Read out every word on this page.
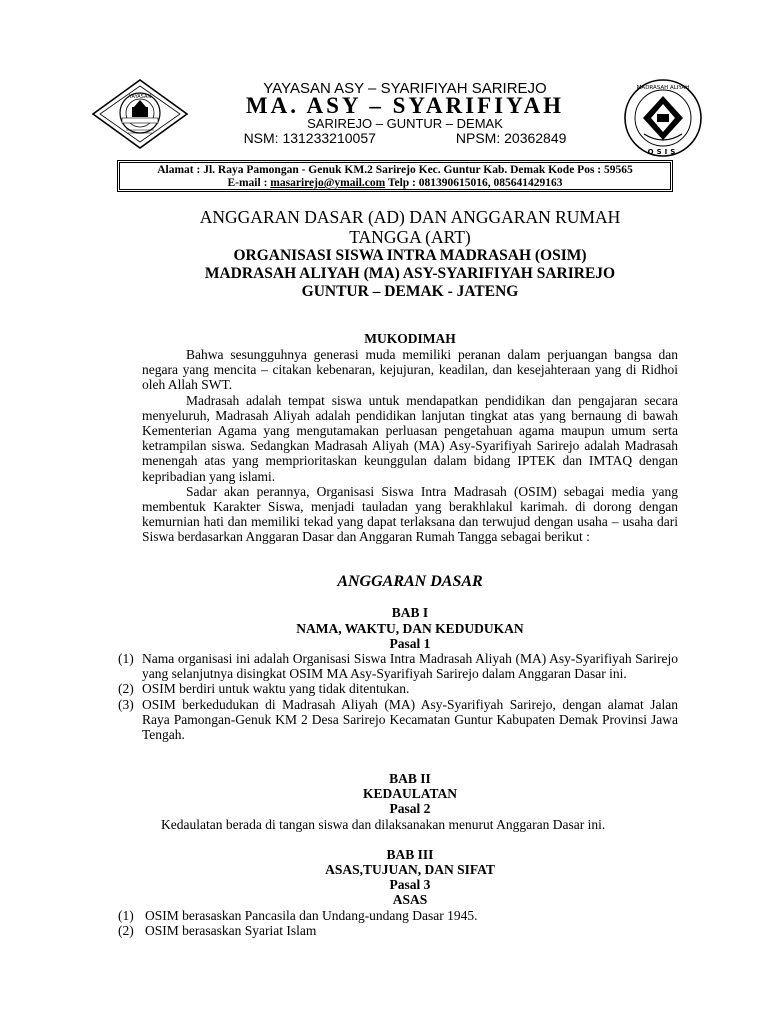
YAYASAN	YAYASAN ASY – SYARIFIYAH SARIREJO
MA. ASY – SYARIFIYAH
SARIREJO – GUNTUR – DEMAK
NSM: 131233210057	NPSM: 20362849
MADRASAH ALIYAH
OSIS
Alamat : Jl. Raya Pamongan - Genuk KM.2 Sarirejo Kec. Guntur Kab. Demak Kode Pos : 59565
E-mail : masarirejo@ymail.com Telp : 081390615016, 085641429163
ANGGARAN DASAR (AD) DAN ANGGARAN RUMAH
TANGGA (ART)
ORGANISASI SISWA INTRA MADRASAH (OSIM)
MADRASAH ALIYAH (MA) ASY-SYARIFIYAH SARIREJO
GUNTUR – DEMAK - JATENG
MUKODIMAH

Bahwa sesungguhnya generasi muda memiliki peranan dalam perjuangan bangsa dan negara yang mencita – citakan kebenaran, kejujuran, keadilan, dan kesejahteraan yang di Ridhoi oleh Allah SWT.

Madrasah adalah tempat siswa untuk mendapatkan pendidikan dan pengajaran secara menyeluruh, Madrasah Aliyah adalah pendidikan lanjutan tingkat atas yang bernaung di bawah Kementerian Agama yang mengutamakan perluasan pengetahuan agama maupun umum serta ketrampilan siswa. Sedangkan Madrasah Aliyah (MA) Asy-Syarifiyah Sarirejo adalah Madrasah menengah atas yang memprioritaskan keunggulan dalam bidang IPTEK dan IMTAQ dengan kepribadian yang islami.

Sadar akan perannya, Organisasi Siswa Intra Madrasah (OSIM) sebagai media yang membentuk Karakter Siswa, menjadi tauladan yang berakhlakul karimah. di dorong dengan kemurnian hati dan memiliki tekad yang dapat terlaksana dan terwujud dengan usaha – usaha dari Siswa berdasarkan Anggaran Dasar dan Anggaran Rumah Tangga sebagai berikut :

ANGGARAN DASAR
BAB I
NAMA, WAKTU, DAN KEDUDUKAN
Pasal 1
(1) Nama organisasi ini adalah Organisasi Siswa Intra Madrasah Aliyah (MA) Asy-Syarifiyah Sarirejo yang selanjutnya disingkat OSIM MA Asy-Syarifiyah Sarirejo dalam Anggaran Dasar ini.
(2) OSIM berdiri untuk waktu yang tidak ditentukan.
(3) OSIM berkedudukan di Madrasah Aliyah (MA) Asy-Syarifiyah Sarirejo, dengan alamat Jalan Raya Pamongan-Genuk KM 2 Desa Sarirejo Kecamatan Guntur Kabupaten Demak Provinsi Jawa Tengah.
BAB II
KEDAULATAN
Pasal 2
Kedaulatan berada di tangan siswa dan dilaksanakan menurut Anggaran Dasar ini.
BAB III
ASAS,TUJUAN, DAN SIFAT
Pasal 3
ASAS
(1) OSIM berasaskan Pancasila dan Undang-undang Dasar 1945.
(2) OSIM berasaskan Syariat Islam
